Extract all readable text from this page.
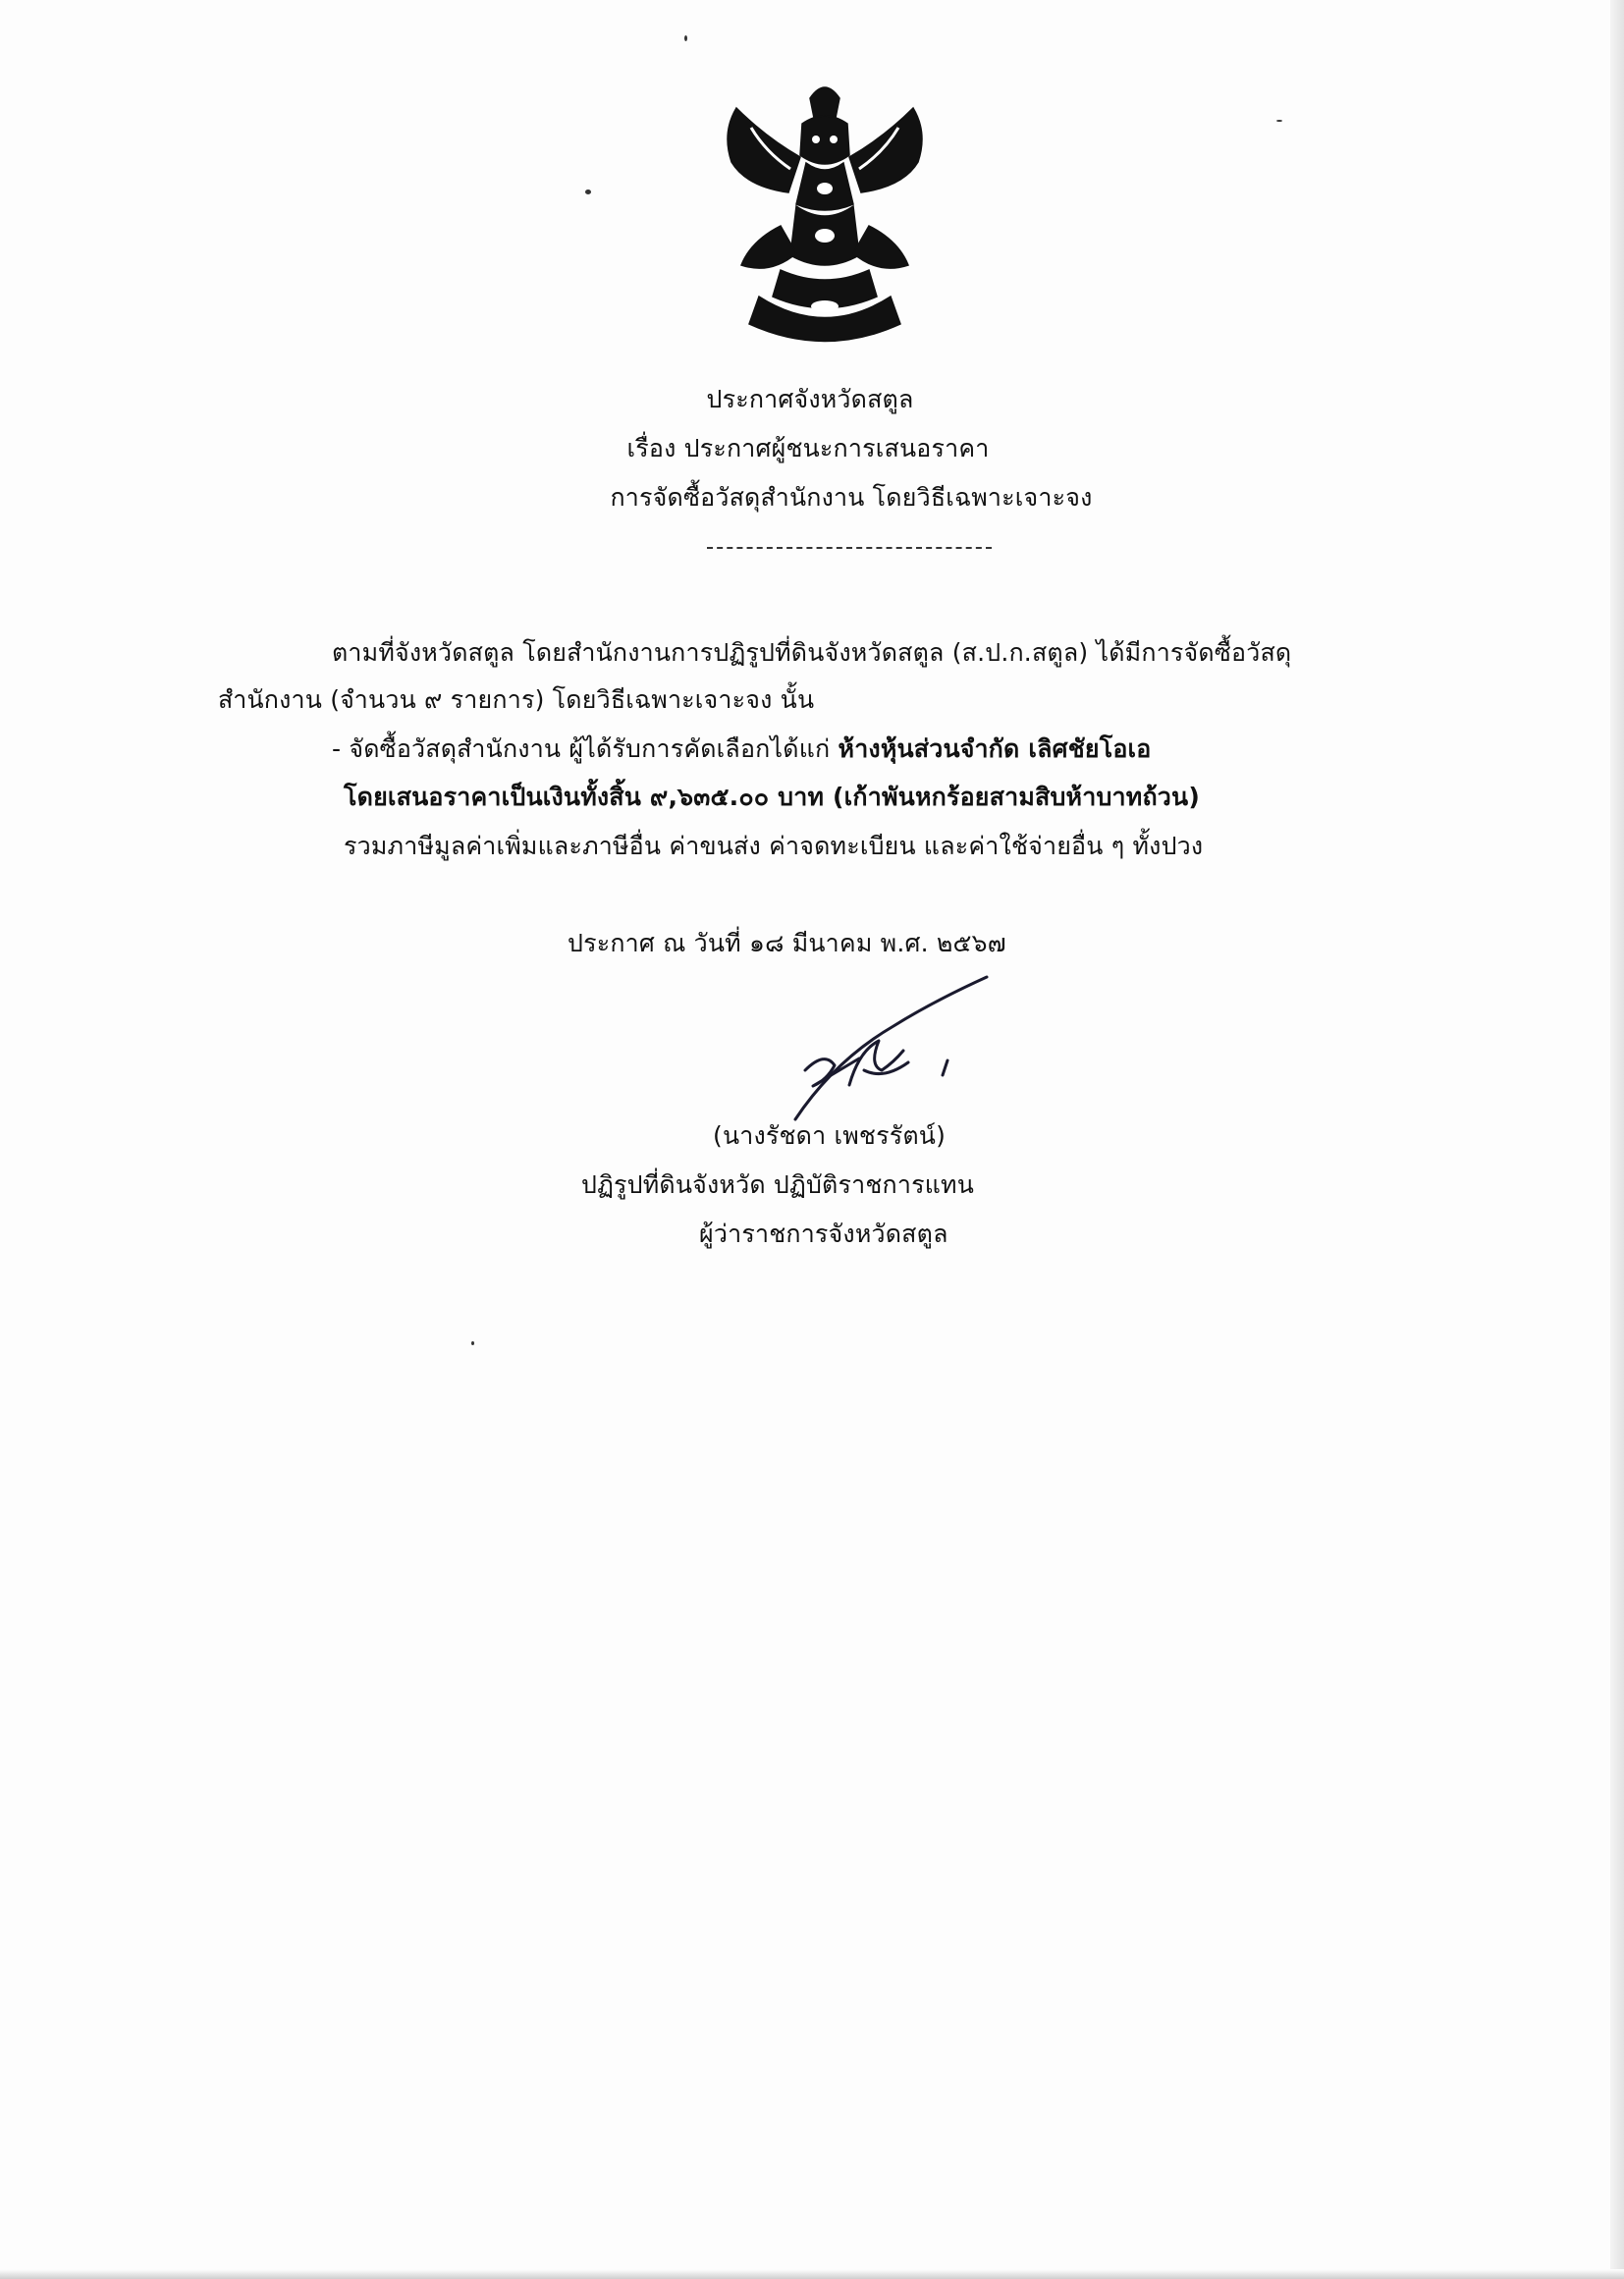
ประกาศจังหวัดสตูล
เรื่อง ประกาศผู้ชนะการเสนอราคา
การจัดซื้อวัสดุสำนักงาน โดยวิธีเฉพาะเจาะจง
ตามที่จังหวัดสตูล โดยสำนักงานการปฏิรูปที่ดินจังหวัดสตูล (ส.ป.ก.สตูล) ได้มีการจัดซื้อวัสดุ
สำนักงาน (จำนวน ๙ รายการ) โดยวิธีเฉพาะเจาะจง นั้น
- จัดซื้อวัสดุสำนักงาน ผู้ได้รับการคัดเลือกได้แก่ ห้างหุ้นส่วนจำกัด เลิศชัยโอเอ
โดยเสนอราคาเป็นเงินทั้งสิ้น ๙,๖๓๕.๐๐ บาท (เก้าพันหกร้อยสามสิบห้าบาทถ้วน)
รวมภาษีมูลค่าเพิ่มและภาษีอื่น ค่าขนส่ง ค่าจดทะเบียน และค่าใช้จ่ายอื่น ๆ ทั้งปวง
ประกาศ ณ วันที่ ๑๘ มีนาคม พ.ศ. ๒๕๖๗
(นางรัชดา เพชรรัตน์)
ปฏิรูปที่ดินจังหวัด ปฏิบัติราชการแทน
ผู้ว่าราชการจังหวัดสตูล
